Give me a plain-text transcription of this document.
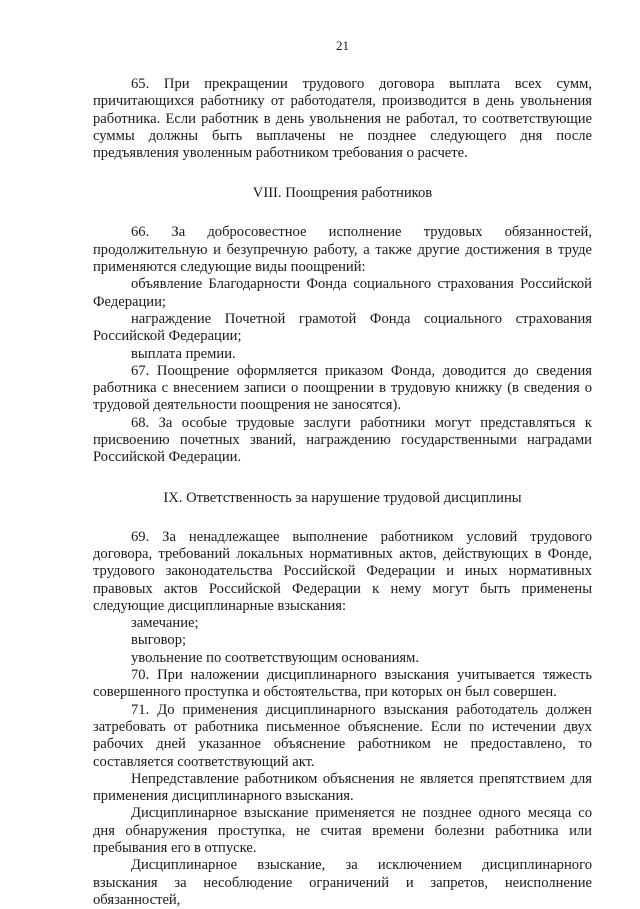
21

65. При прекращении трудового договора выплата всех сумм, причитающихся работнику от работодателя, производится в день увольнения работника. Если работник в день увольнения не работал, то соответствующие суммы должны быть выплачены не позднее следующего дня после предъявления уволенным работником требования о расчете.

VIII. Поощрения работников

66. За добросовестное исполнение трудовых обязанностей, продолжительную и безупречную работу, а также другие достижения в труде применяются следующие виды поощрений:

объявление Благодарности Фонда социального страхования Российской Федерации;

награждение Почетной грамотой Фонда социального страхования Российской Федерации;

выплата премии.

67. Поощрение оформляется приказом Фонда, доводится до сведения работника с внесением записи о поощрении в трудовую книжку (в сведения о трудовой деятельности поощрения не заносятся).

68. За особые трудовые заслуги работники могут представляться к присвоению почетных званий, награждению государственными наградами Российской Федерации.

IX. Ответственность за нарушение трудовой дисциплины

69. За ненадлежащее выполнение работником условий трудового договора, требований локальных нормативных актов, действующих в Фонде, трудового законодательства Российской Федерации и иных нормативных правовых актов Российской Федерации к нему могут быть применены следующие дисциплинарные взыскания:

замечание;

выговор;

увольнение по соответствующим основаниям.

70. При наложении дисциплинарного взыскания учитывается тяжесть совершенного проступка и обстоятельства, при которых он был совершен.

71. До применения дисциплинарного взыскания работодатель должен затребовать от работника письменное объяснение. Если по истечении двух рабочих дней указанное объяснение работником не предоставлено, то составляется соответствующий акт.

Непредставление работником объяснения не является препятствием для применения дисциплинарного взыскания.

Дисциплинарное взыскание применяется не позднее одного месяца со дня обнаружения проступка, не считая времени болезни работника или пребывания его в отпуске.

Дисциплинарное взыскание, за исключением дисциплинарного взыскания за несоблюдение ограничений и запретов, неисполнение обязанностей,
